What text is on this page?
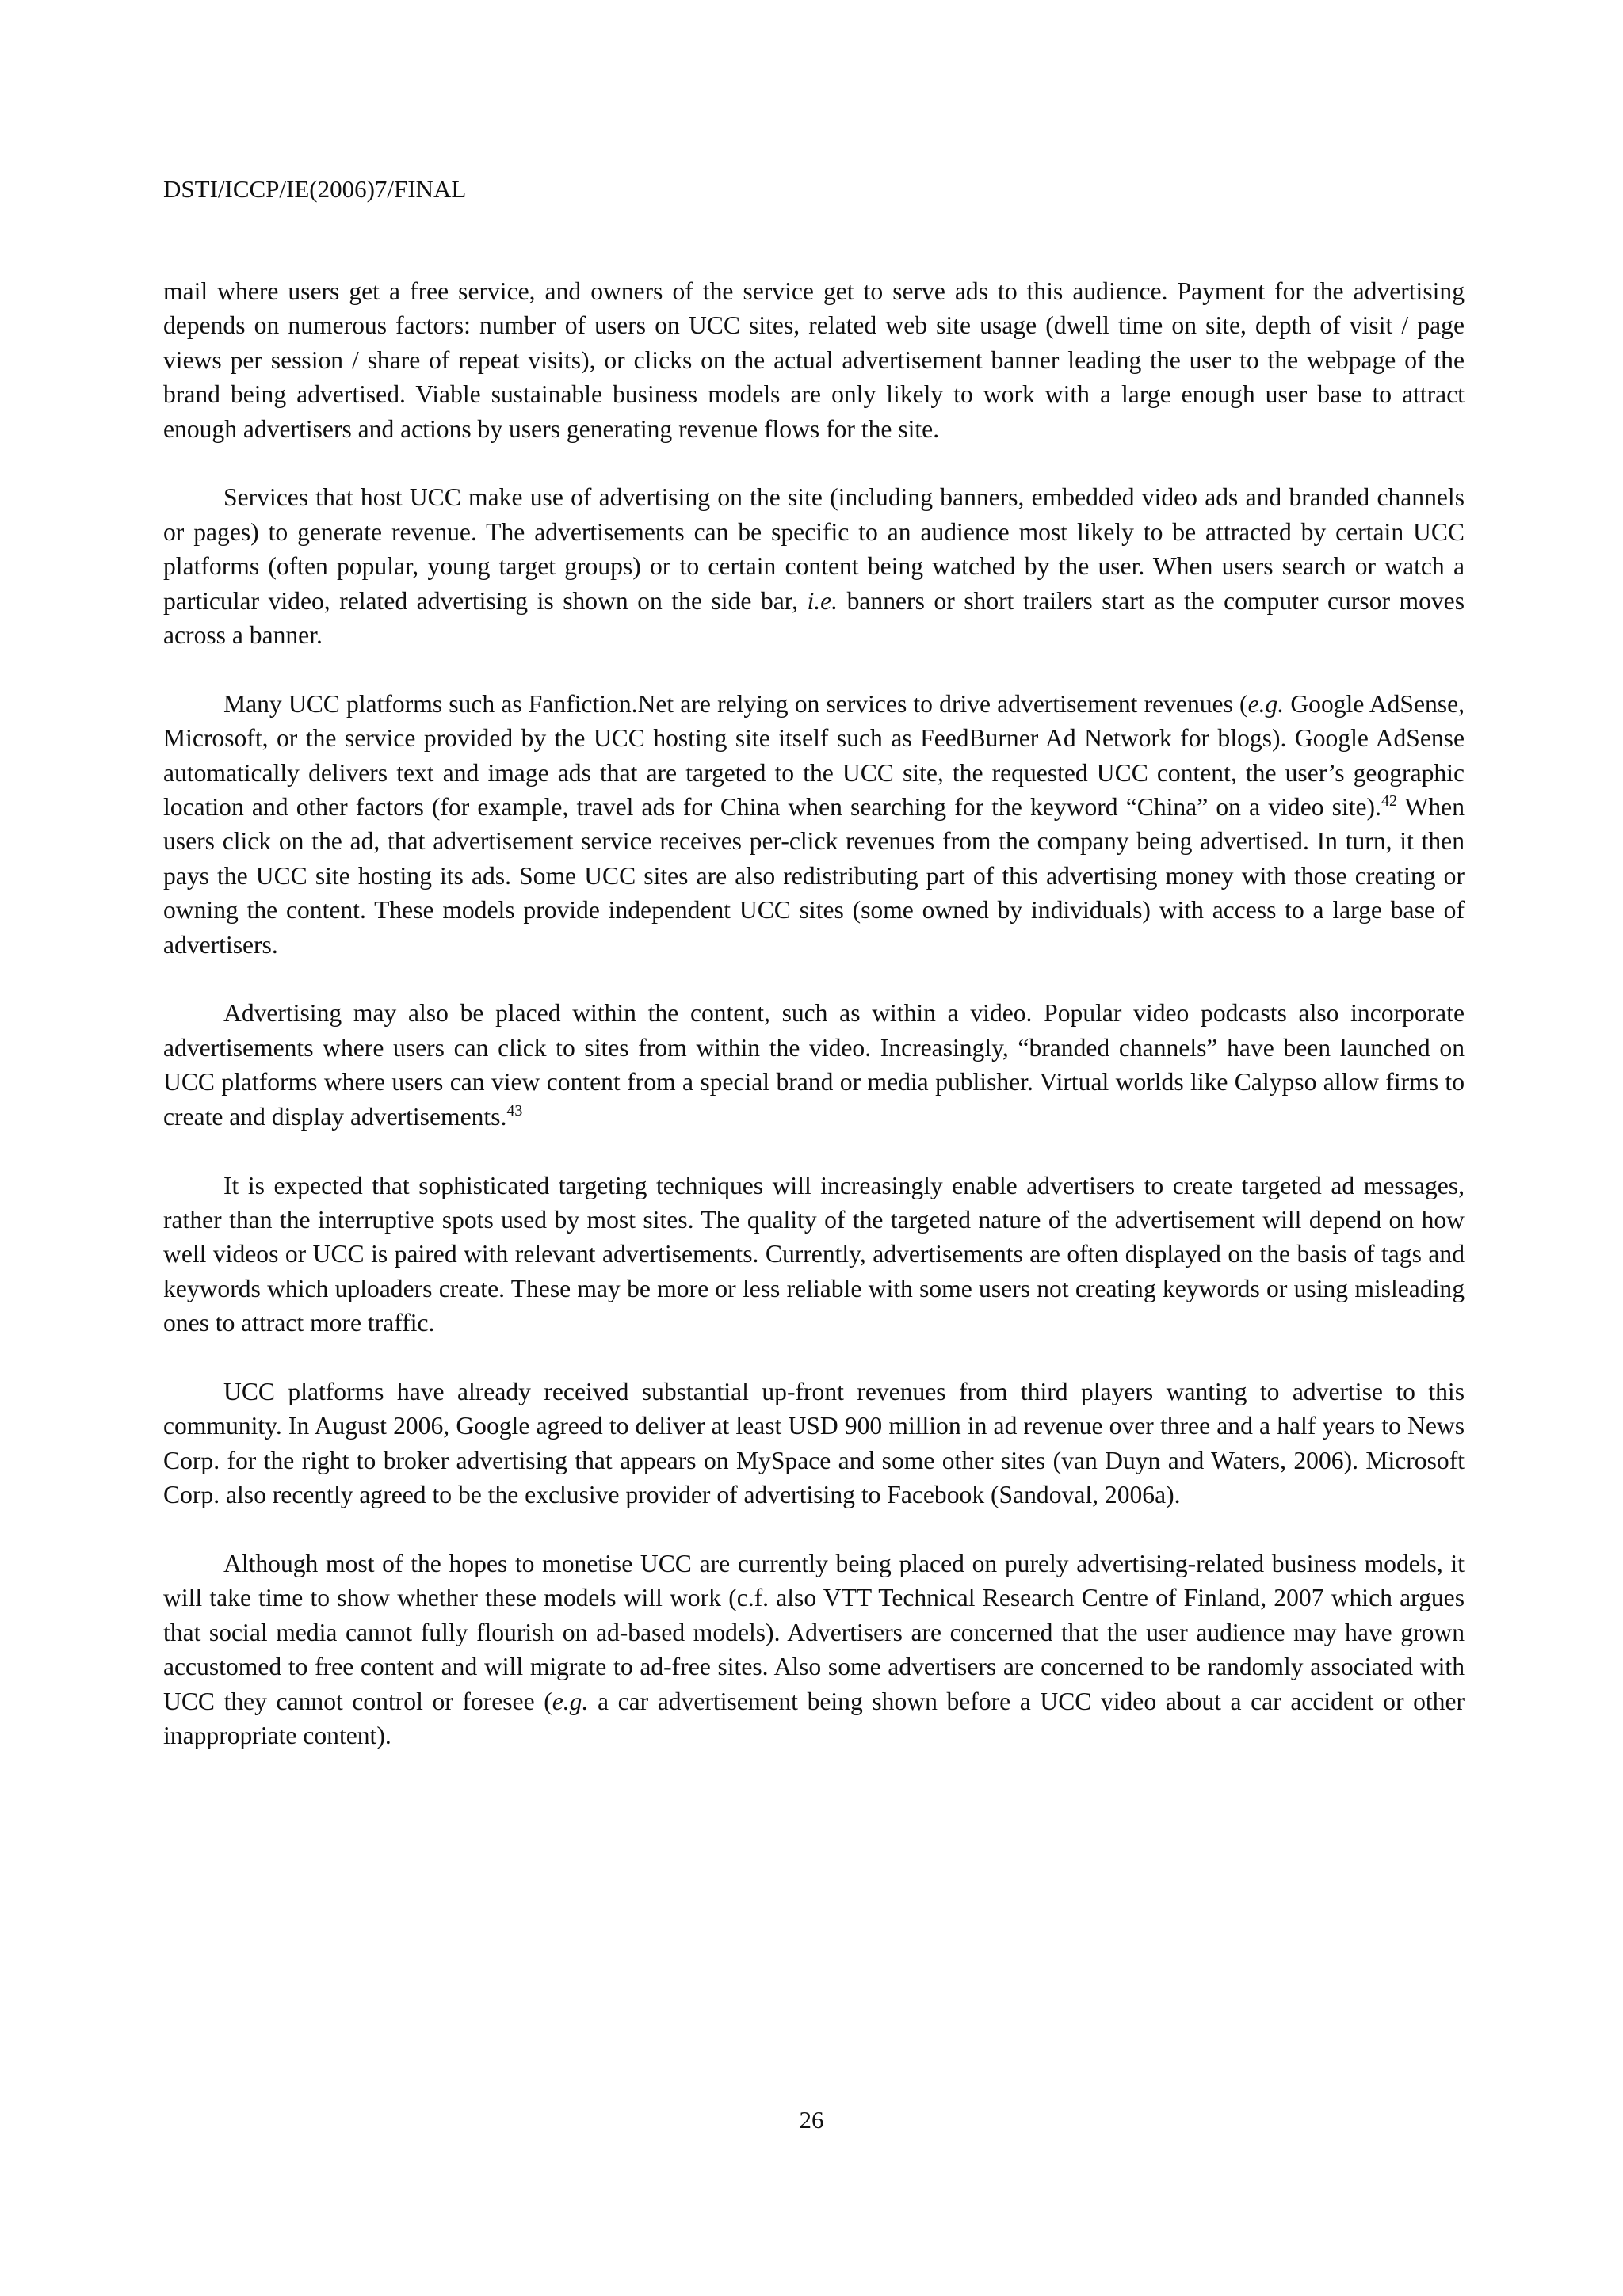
DSTI/ICCP/IE(2006)7/FINAL

mail where users get a free service, and owners of the service get to serve ads to this audience. Payment for the advertising depends on numerous factors: number of users on UCC sites, related web site usage (dwell time on site, depth of visit / page views per session / share of repeat visits), or clicks on the actual advertisement banner leading the user to the webpage of the brand being advertised. Viable sustainable business models are only likely to work with a large enough user base to attract enough advertisers and actions by users generating revenue flows for the site.

Services that host UCC make use of advertising on the site (including banners, embedded video ads and branded channels or pages) to generate revenue. The advertisements can be specific to an audience most likely to be attracted by certain UCC platforms (often popular, young target groups) or to certain content being watched by the user. When users search or watch a particular video, related advertising is shown on the side bar, i.e. banners or short trailers start as the computer cursor moves across a banner.

Many UCC platforms such as Fanfiction.Net are relying on services to drive advertisement revenues (e.g. Google AdSense, Microsoft, or the service provided by the UCC hosting site itself such as FeedBurner Ad Network for blogs). Google AdSense automatically delivers text and image ads that are targeted to the UCC site, the requested UCC content, the user’s geographic location and other factors (for example, travel ads for China when searching for the keyword “China” on a video site).$^{42}$ When users click on the ad, that advertisement service receives per-click revenues from the company being advertised. In turn, it then pays the UCC site hosting its ads. Some UCC sites are also redistributing part of this advertising money with those creating or owning the content. These models provide independent UCC sites (some owned by individuals) with access to a large base of advertisers.

Advertising may also be placed within the content, such as within a video. Popular video podcasts also incorporate advertisements where users can click to sites from within the video. Increasingly, “branded channels” have been launched on UCC platforms where users can view content from a special brand or media publisher. Virtual worlds like Calypso allow firms to create and display advertisements.$^{43}$

It is expected that sophisticated targeting techniques will increasingly enable advertisers to create targeted ad messages, rather than the interruptive spots used by most sites. The quality of the targeted nature of the advertisement will depend on how well videos or UCC is paired with relevant advertisements. Currently, advertisements are often displayed on the basis of tags and keywords which uploaders create. These may be more or less reliable with some users not creating keywords or using misleading ones to attract more traffic.

UCC platforms have already received substantial up-front revenues from third players wanting to advertise to this community. In August 2006, Google agreed to deliver at least USD 900 million in ad revenue over three and a half years to News Corp. for the right to broker advertising that appears on MySpace and some other sites (van Duyn and Waters, 2006). Microsoft Corp. also recently agreed to be the exclusive provider of advertising to Facebook (Sandoval, 2006a).

Although most of the hopes to monetise UCC are currently being placed on purely advertising-related business models, it will take time to show whether these models will work (c.f. also VTT Technical Research Centre of Finland, 2007 which argues that social media cannot fully flourish on ad-based models). Advertisers are concerned that the user audience may have grown accustomed to free content and will migrate to ad-free sites. Also some advertisers are concerned to be randomly associated with UCC they cannot control or foresee (e.g. a car advertisement being shown before a UCC video about a car accident or other inappropriate content).

26
